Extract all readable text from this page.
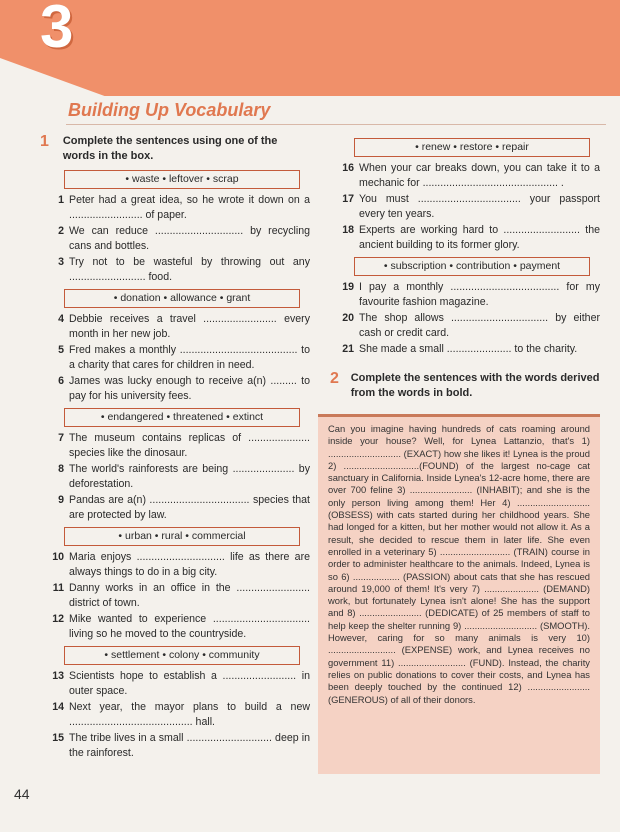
3
Building Up Vocabulary
1	Complete the sentences using one of the words in the box.
• waste • leftover • scrap
1 Peter had a great idea, so he wrote it down on a ......................... of paper.
2 We can reduce .............................. by recycling cans and bottles.
3 Try not to be wasteful by throwing out any .......................... food.
• donation • allowance • grant
4 Debbie receives a travel ......................... every month in her new job.
5 Fred makes a monthly ........................................ to a charity that cares for children in need.
6 James was lucky enough to receive a(n) ......... to pay for his university fees.
• endangered • threatened • extinct
7 The museum contains replicas of ..................... species like the dinosaur.
8 The world's rainforests are being ..................... by deforestation.
9 Pandas are a(n) .................................. species that are protected by law.
• urban • rural • commercial
10 Maria enjoys .............................. life as there are always things to do in a big city.
11 Danny works in an office in the ......................... district of town.
12 Mike wanted to experience ................................. living so he moved to the countryside.
• settlement • colony • community
13 Scientists hope to establish a ......................... in outer space.
14 Next year, the mayor plans to build a new .......................................... hall.
15 The tribe lives in a small ............................. deep in the rainforest.
• renew • restore • repair
16 When your car breaks down, you can take it to a mechanic for .............................................. .
17 You must ................................... your passport every ten years.
18 Experts are working hard to .......................... the ancient building to its former glory.
• subscription • contribution • payment
19 I pay a monthly ..................................... for my favourite fashion magazine.
20 The shop allows ................................. by either cash or credit card.
21 She made a small ...................... to the charity.
2 Complete the sentences with the words derived from the words in bold.
Can you imagine having hundreds of cats roaming around inside your house? Well, for Lynea Lattanzio, that's 1) ............................ (EXACT) how she likes it! Lynea is the proud 2) .............................(FOUND) of the largest no-cage cat sanctuary in California. Inside Lynea's 12-acre home, there are over 700 feline 3) ........................ (INHABIT); and she is the only person living among them! Her 4) ............................ (OBSESS) with cats started during her childhood years. She had longed for a kitten, but her mother would not allow it. As a result, she decided to rescue them in later life. She even enrolled in a veterinary 5) ........................... (TRAIN) course in order to administer healthcare to the animals. Indeed, Lynea is so 6) .................. (PASSION) about cats that she has rescued around 19,000 of them! It's very 7) ..................... (DEMAND) work, but fortunately Lynea isn't alone! She has the support and 8) ........................ (DEDICATE) of 25 members of staff to help keep the shelter running 9) ............................ (SMOOTH). However, caring for so many animals is very 10) .......................... (EXPENSE) work, and Lynea receives no government 11) .......................... (FUND). Instead, the charity relies on public donations to cover their costs, and Lynea has been deeply touched by the continued 12) ........................ (GENEROUS) of all of their donors.
44
